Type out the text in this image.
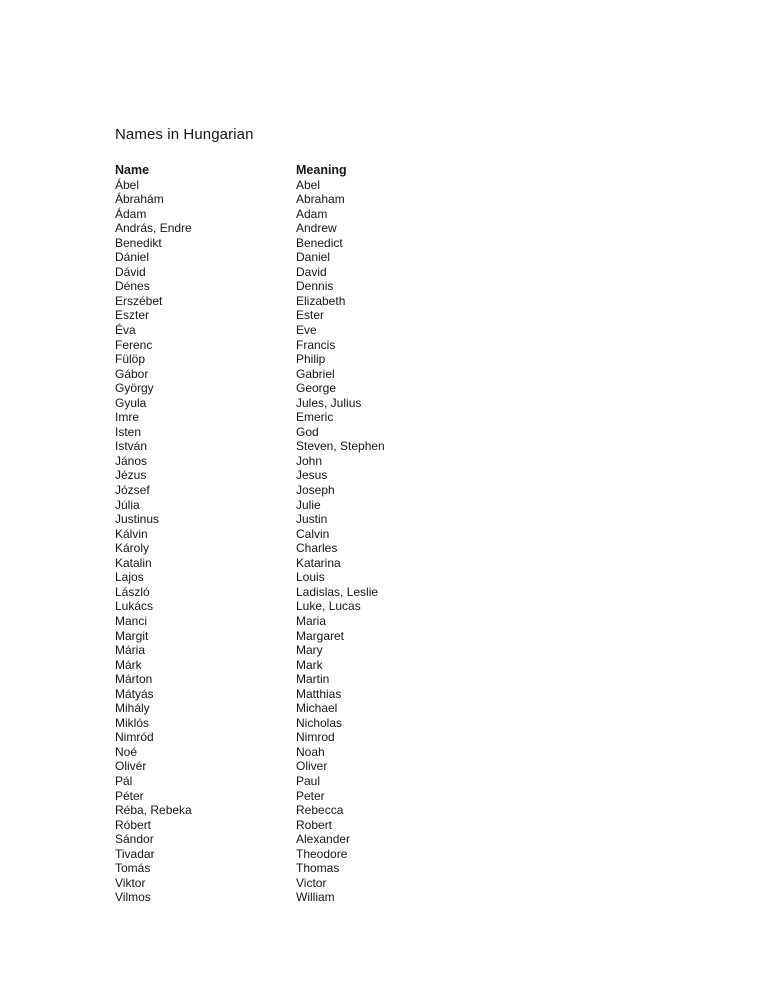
Names in Hungarian
Name	Meaning
Ábel	Abel
Ábrahám	Abraham
Ádam	Adam
András, Endre	Andrew
Benedikt	Benedict
Dániel	Daniel
Dávid	David
Dénes	Dennis
Erszébet	Elizabeth
Eszter	Ester
Éva	Eve
Ferenc	Francis
Fülöp	Philip
Gábor	Gabriel
György	George
Gyula	Jules, Julius
Imre	Emeric
Isten	God
István	Steven, Stephen
János	John
Jézus	Jesus
József	Joseph
Júlia	Julie
Justinus	Justin
Kálvin	Calvin
Károly	Charles
Katalin	Katarina
Lajos	Louis
László	Ladislas, Leslie
Lukács	Luke, Lucas
Manci	Maria
Margit	Margaret
Mária	Mary
Márk	Mark
Márton	Martin
Mátyás	Matthias
Mihály	Michael
Miklós	Nicholas
Nimród	Nimrod
Noé	Noah
Olivér	Oliver
Pál	Paul
Péter	Peter
Réba, Rebeka	Rebecca
Róbert	Robert
Sándor	Alexander
Tivadar	Theodore
Tomás	Thomas
Viktor	Victor
Vilmos	William
